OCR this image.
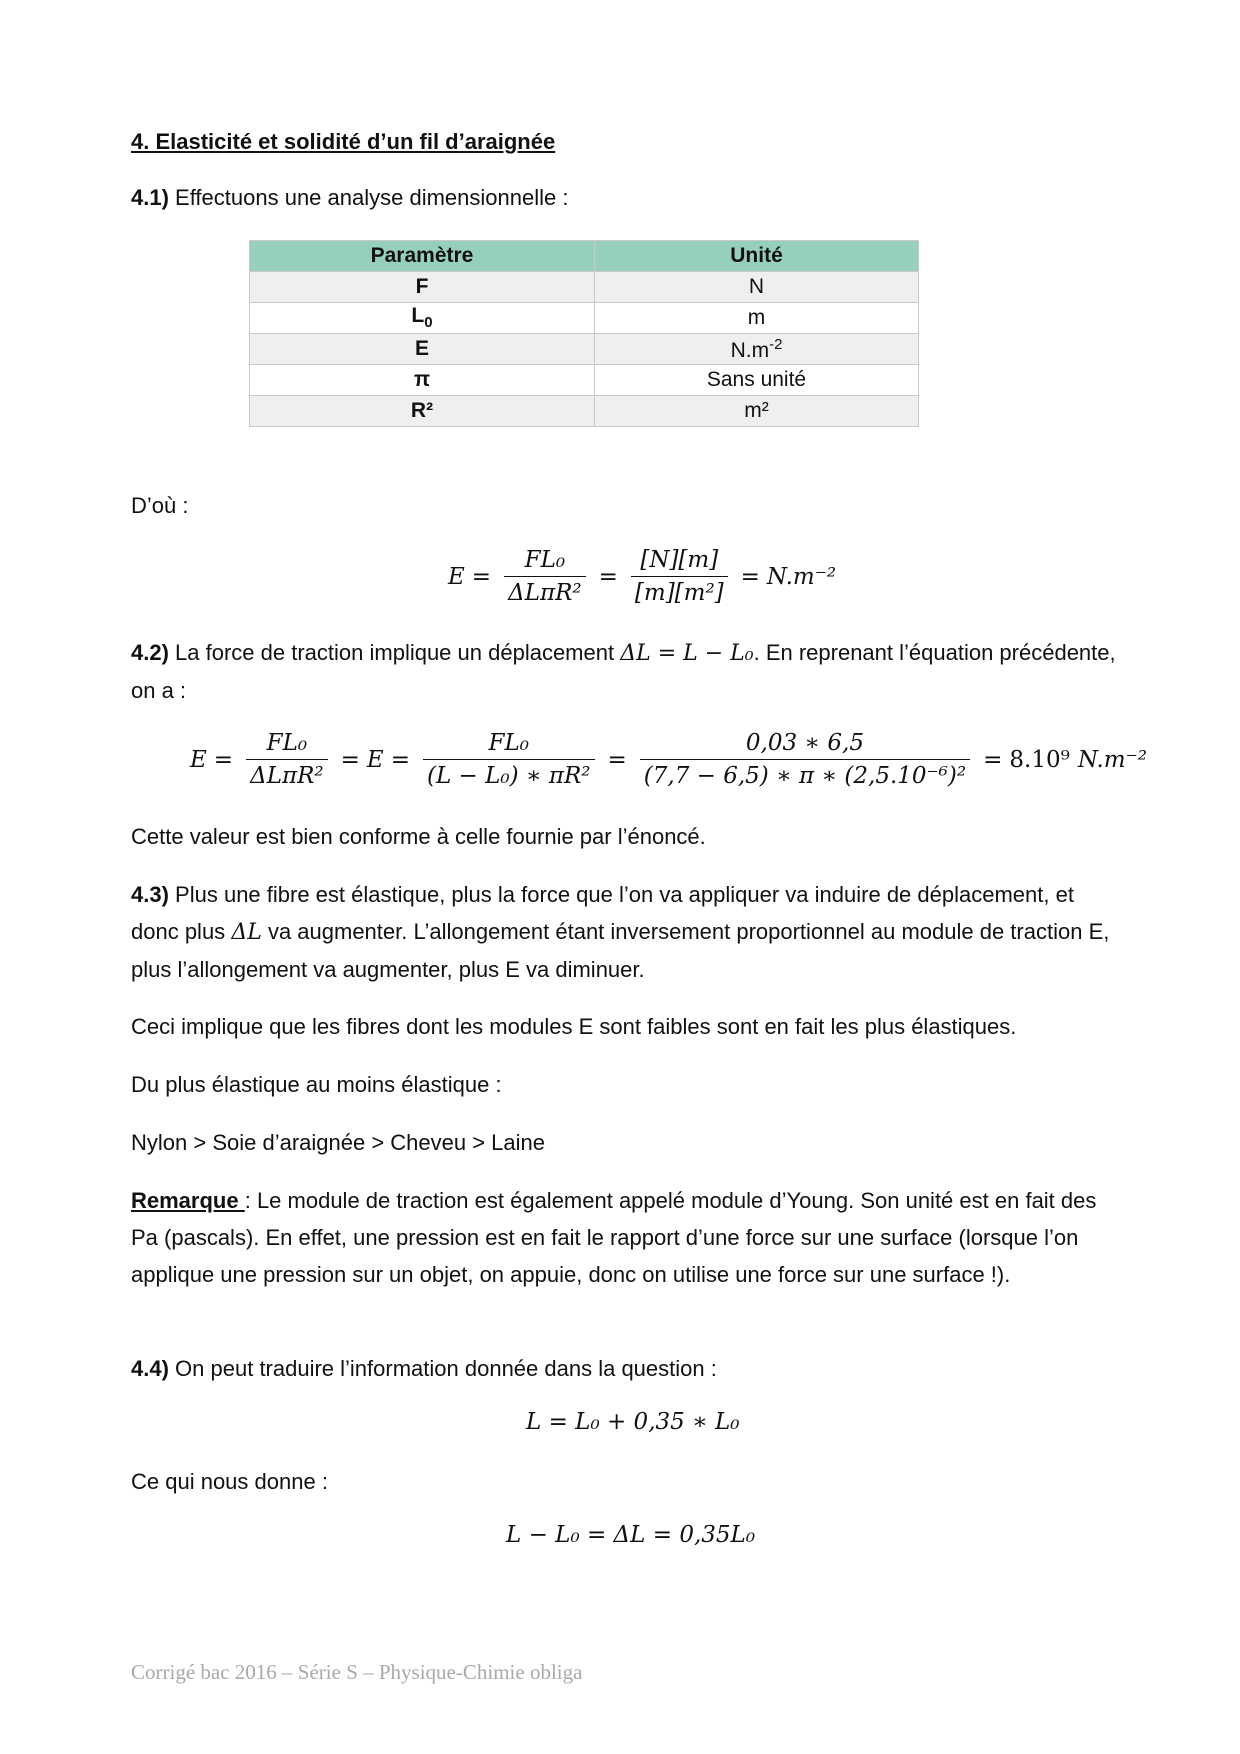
4. Elasticité et solidité d’un fil d’araignée

4.1) Effectuons une analyse dimensionnelle :

Paramètre	Unité
F	N
$L_0$	m
E	$N.m^{-2}$
π	Sans unité
R²	m²

D’où :

$E = \frac{\text{FL₀}}{\text{ΔLπR²}} = \frac{[N][m]}{\text{[m][m²]}} = N.m^{-2}$

4.2) La force de traction implique un déplacement ΔL = L − L₀. En reprenant l’équation précédente, on a :

$E = \frac{\text{FL₀}}{\text{ΔLπR²}} = E = \frac{\text{FL₀}}{\text{(L − L₀) ∗ πR²}} = \frac{0,03 ∗ 6,5}{\text{(7,7 − 6,5) ∗ π ∗ (2,5.10⁻⁶)²}} = 8.10^9$ N.m⁻²

Cette valeur est bien conforme à celle fournie par l’énoncé.

4.3) Plus une fibre est élastique, plus la force que l’on va appliquer va induire de déplacement, et donc plus ΔL va augmenter. L’allongement étant inversement proportionnel au module de traction E, plus l’allongement va augmenter, plus E va diminuer.

Ceci implique que les fibres dont les modules E sont faibles sont en fait les plus élastiques.

Du plus élastique au moins élastique :

Nylon > Soie d’araignée > Cheveu > Laine

Remarque : Le module de traction est également appelé module d’Young. Son unité est en fait des Pa (pascals). En effet, une pression est en fait le rapport d’une force sur une surface (lorsque l’on applique une pression sur un objet, on appuie, donc on utilise une force sur une surface !).

4.4) On peut traduire l’information donnée dans la question :

L = L₀ + 0,35 ∗ L₀

Ce qui nous donne :

L − L₀ = ΔL = 0,35L₀
Corrigé bac 2016 – Série S – Physique-Chimie obliga
